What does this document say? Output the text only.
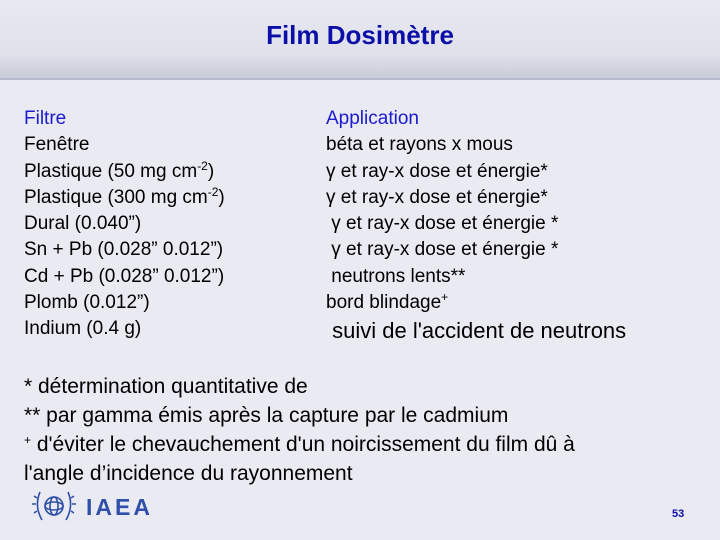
Film Dosimètre
Filtre
Fenêtre
Plastique (50 mg $cm^{-2}$)
Plastique (300 mg $cm^{-2}$)
Dural (0.040”)
Sn + Pb (0.028” 0.012”)
Cd + Pb (0.028” 0.012”)
Plomb (0.012”)
Indium (0.4 g)
Application
béta et rayons x mous
γ et ray-x dose et énergie*
γ et ray-x dose et énergie*
γ et ray-x dose et énergie *
γ et ray-x dose et énergie *
neutrons lents**
bord blindage+
suivi de l'accident de neutrons
* détermination quantitative de
** par gamma émis après la capture par le cadmium
+ d'éviter le chevauchement d'un noircissement du film dû à
l'angle d’incidence du rayonnement
IAEA	53
